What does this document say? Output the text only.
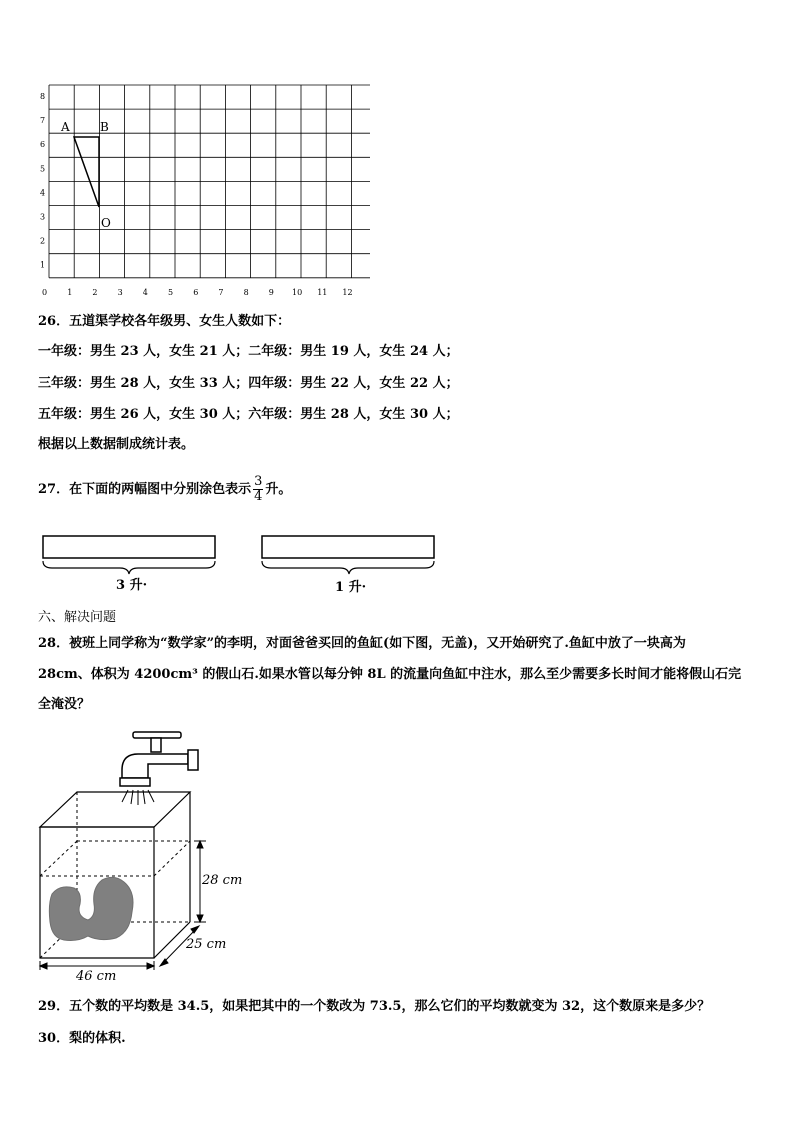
0	1	2	3	4	5	6	7	8	9 10 11 12
1
2
3
4
5
6
7
8
A	B
O
26．五道渠学校各年级男、女生人数如下：
一年级：男生 23 人，女生 21 人；二年级：男生 19 人，女生 24 人；
三年级：男生 28 人，女生 33 人；四年级：男生 22 人，女生 22 人；
五年级：男生 26 人，女生 30 人；六年级：男生 28 人，女生 30 人；
根据以上数据制成统计表。
27．在下面的两幅图中分别涂色表示 $\frac{3}{4}$ 升。
3 升·	1 升·
六、解决问题
28．被班上同学称为“数学家”的李明，对面爸爸买回的鱼缸(如下图，无盖)，又开始研究了.鱼缸中放了一块高为
28cm、体积为 4200cm³ 的假山石.如果水管以每分钟 8L 的流量向鱼缸中注水，那么至少需要多长时间才能将假山石完
全淹没？
28 cm
25 cm
46 cm
29．五个数的平均数是 34.5，如果把其中的一个数改为 73.5，那么它们的平均数就变为 32，这个数原来是多少？
30．梨的体积.
